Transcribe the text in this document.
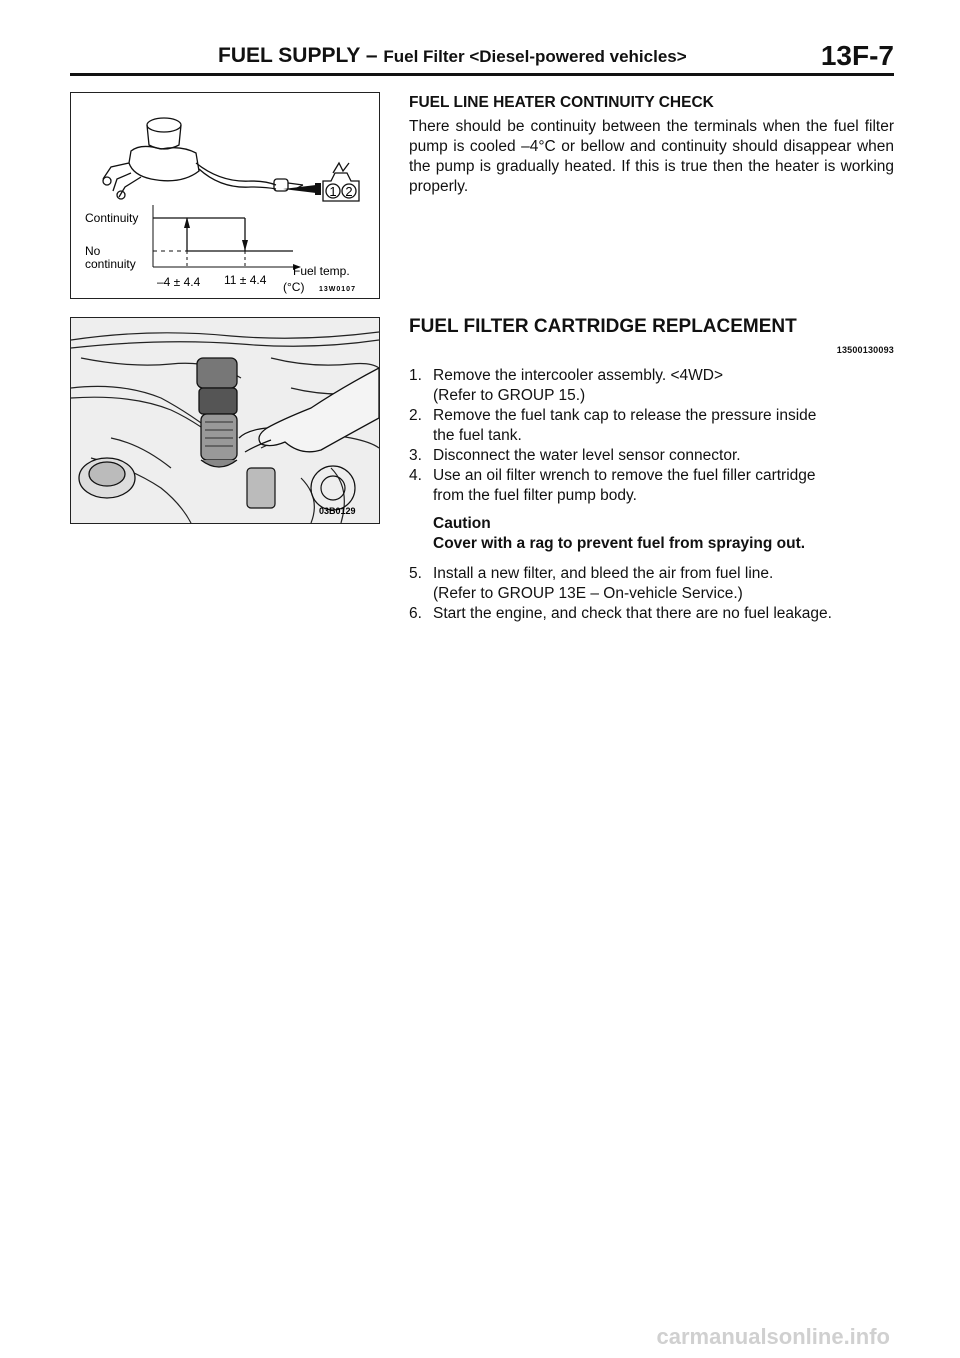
FUEL SUPPLY – Fuel Filter <Diesel-powered vehicles>	13F-7
1 2
Continuity
No
continuity
–4 ± 4.4 11 ± 4.4
Fuel temp.
(°C) 13W0107
03B0129
FUEL LINE HEATER CONTINUITY CHECK
There should be continuity between the terminals when the fuel filter pump is cooled –4°C or bellow and continuity should disappear when the pump is gradually heated. If this is true then the heater is working properly.
FUEL FILTER CARTRIDGE REPLACEMENT
13500130093
1. Remove the intercooler assembly. <4WD>
(Refer to GROUP 15.)
2. Remove the fuel tank cap to release the pressure inside
the fuel tank.
3. Disconnect the water level sensor connector.
4. Use an oil filter wrench to remove the fuel filler cartridge
from the fuel filter pump body.
Caution
Cover with a rag to prevent fuel from spraying out.
5. Install a new filter, and bleed the air from fuel line.
(Refer to GROUP 13E – On-vehicle Service.)
6. Start the engine, and check that there are no fuel leakage.
carmanualsonline.info
